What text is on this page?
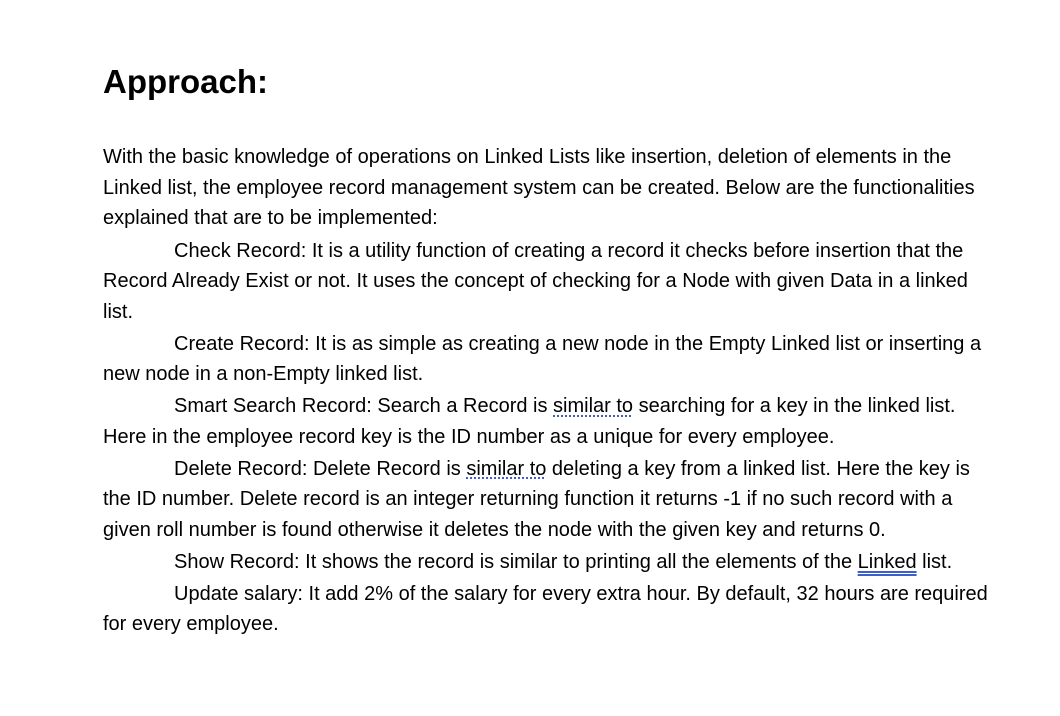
Approach:

With the basic knowledge of operations on Linked Lists like insertion, deletion of elements in the Linked list, the employee record management system can be created. Below are the functionalities explained that are to be implemented:

Check Record: It is a utility function of creating a record it checks before insertion that the Record Already Exist or not. It uses the concept of checking for a Node with given Data in a linked list.

Create Record: It is as simple as creating a new node in the Empty Linked list or inserting a new node in a non-Empty linked list.

Smart Search Record: Search a Record is similar to searching for a key in the linked list. Here in the employee record key is the ID number as a unique for every employee.

Delete Record: Delete Record is similar to deleting a key from a linked list. Here the key is the ID number. Delete record is an integer returning function it returns -1 if no such record with a given roll number is found otherwise it deletes the node with the given key and returns 0.

Show Record: It shows the record is similar to printing all the elements of the Linked list.

Update salary: It add 2% of the salary for every extra hour. By default, 32 hours are required for every employee.
